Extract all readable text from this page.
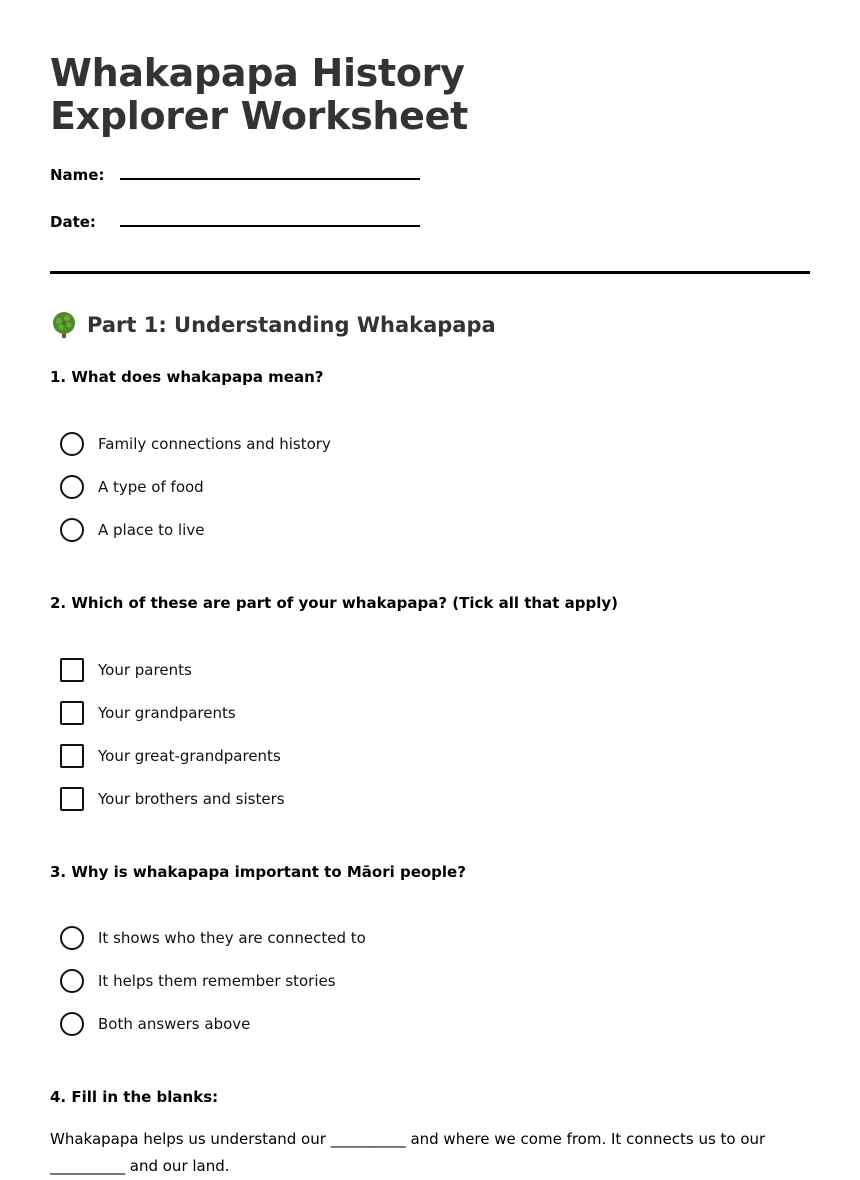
Whakapapa History Explorer Worksheet
Name:
Date:
Part 1: Understanding Whakapapa
1. What does whakapapa mean?
Family connections and history
A type of food
A place to live
2. Which of these are part of your whakapapa? (Tick all that apply)
Your parents
Your grandparents
Your great-grandparents
Your brothers and sisters
3. Why is whakapapa important to Māori people?
It shows who they are connected to
It helps them remember stories
Both answers above
4. Fill in the blanks:
Whakapapa helps us understand our __________ and where we come from. It connects us to our __________ and our land.
